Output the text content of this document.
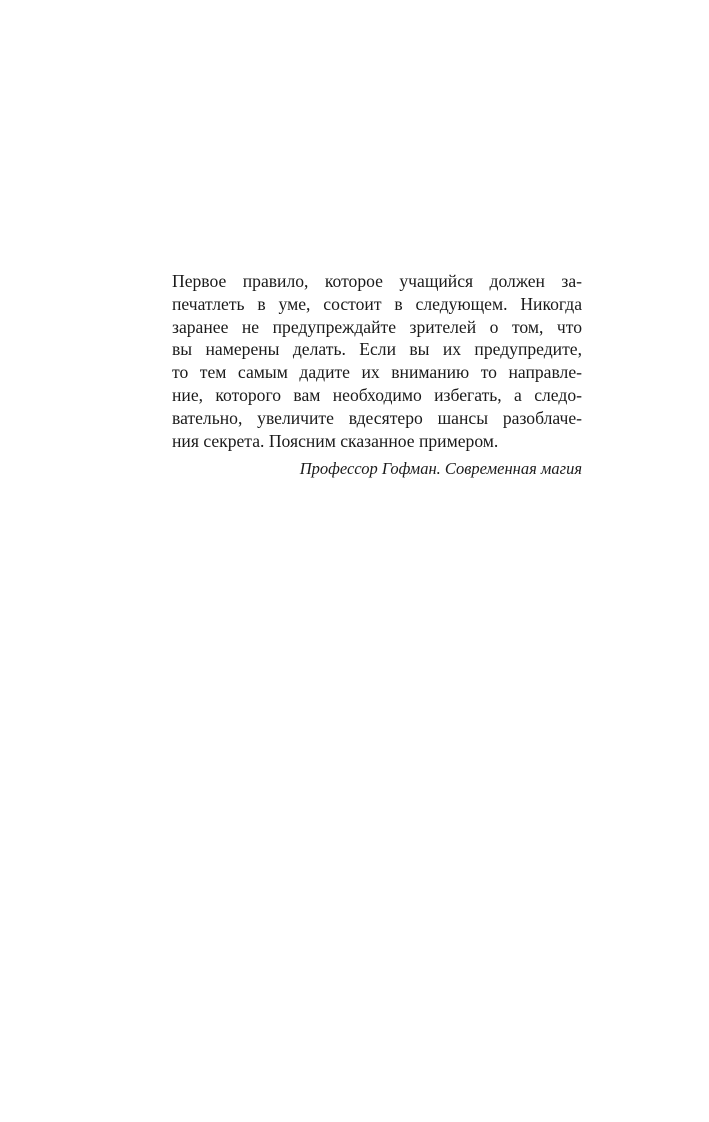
Первое правило, которое учащийся должен за-
печатлеть в уме, состоит в следующем. Никогда
заранее не предупреждайте зрителей о том, что
вы намерены делать. Если вы их предупредите,
то тем самым дадите их вниманию то направле-
ние, которого вам необходимо избегать, а следо-
вательно, увеличите вдесятеро шансы разоблаче-
ния секрета. Поясним сказанное примером.

Профессор Гофман. Современная магия
